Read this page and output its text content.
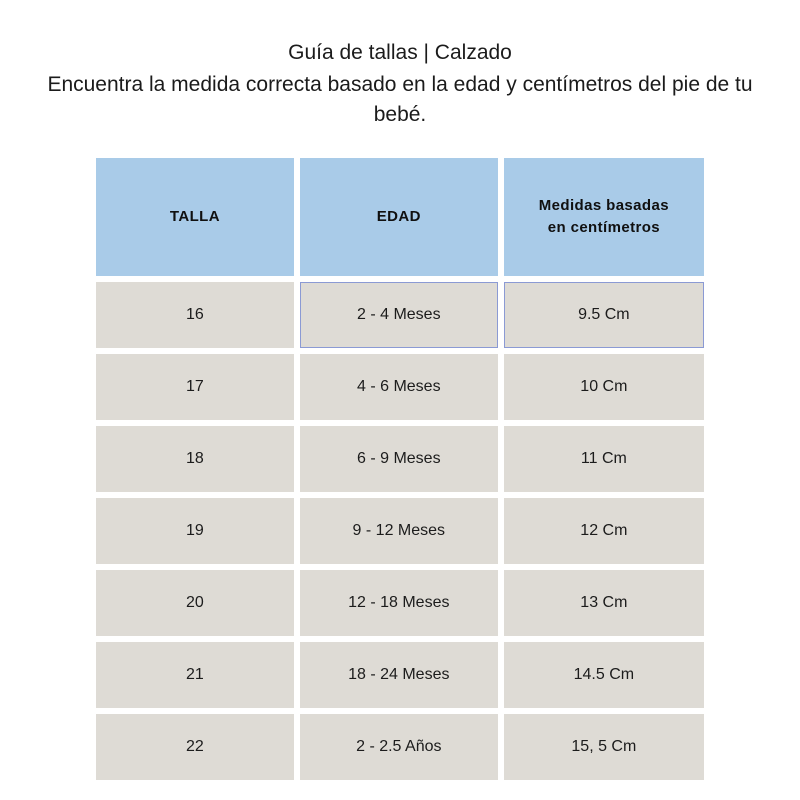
Guía de tallas | Calzado

Encuentra la medida correcta basado en la edad y centímetros del pie de tu bebé.

TALLA	EDAD	Medidas basadas
en centímetros
16	2 - 4 Meses	9.5 Cm
17	4 - 6 Meses	10 Cm
18	6 - 9 Meses	11 Cm
19	9 - 12 Meses	12 Cm
20	12 - 18 Meses	13 Cm
21	18 - 24 Meses	14.5 Cm
22	2 - 2.5 Años	15, 5 Cm
